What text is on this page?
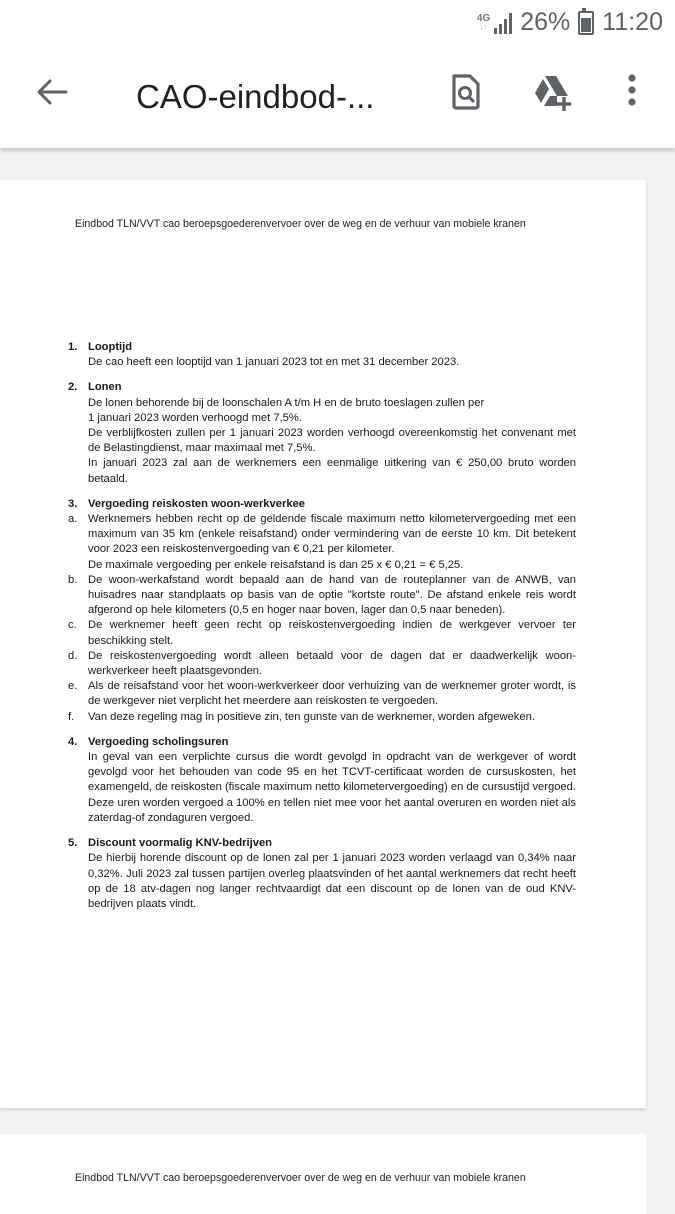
4G
↓↑ 26% 11:20
CAO-eindbod-...
Eindbod TLN/VVT cao beroepsgoederenvervoer over de weg en de verhuur van mobiele kranen
1. Looptijd
De cao heeft een looptijd van 1 januari 2023 tot en met 31 december 2023.
2. Lonen
De lonen behorende bij de loonschalen A t/m H en de bruto toeslagen zullen per
1 januari 2023 worden verhoogd met 7,5%.
De verblijfkosten zullen per 1 januari 2023 worden verhoogd overeenkomstig het convenant met de Belastingdienst, maar maximaal met 7,5%.
In januari 2023 zal aan de werknemers een eenmalige uitkering van € 250,00 bruto worden betaald.
3. Vergoeding reiskosten woon-werkverkee
a. Werknemers hebben recht op de geldende fiscale maximum netto kilometervergoeding met een maximum van 35 km (enkele reisafstand) onder vermindering van de eerste 10 km. Dit betekent voor 2023 een reiskostenvergoeding van € 0,21 per kilometer.
De maximale vergoeding per enkele reisafstand is dan 25 x € 0,21 = € 5,25.
b. De woon-werkafstand wordt bepaald aan de hand van de routeplanner van de ANWB, van huisadres naar standplaats op basis van de optie "kortste route". De afstand enkele reis wordt afgerond op hele kilometers (0,5 en hoger naar boven, lager dan 0,5 naar beneden).
c.	De werknemer heeft geen recht op reiskostenvergoeding indien de werkgever vervoer ter beschikking stelt.
d. De reiskostenvergoeding wordt alleen betaald voor de dagen dat er daadwerkelijk woon-werkverkeer heeft plaatsgevonden.
e. Als de reisafstand voor het woon-werkverkeer door verhuizing van de werknemer groter wordt, is de werkgever niet verplicht het meerdere aan reiskosten te vergoeden.
f.	Van deze regeling mag in positieve zin, ten gunste van de werknemer, worden afgeweken.
4. Vergoeding scholingsuren
In geval van een verplichte cursus die wordt gevolgd in opdracht van de werkgever of wordt gevolgd voor het behouden van code 95 en het TCVT-certificaat worden de cursuskosten, het examengeld, de reiskosten (fiscale maximum netto kilometervergoeding) en de cursustijd vergoed. Deze uren worden vergoed a 100% en tellen niet mee voor het aantal overuren en worden niet als zaterdag-of zondaguren vergoed.
5. Discount voormalig KNV-bedrijven
De hierbij horende discount op de lonen zal per 1 januari 2023 worden verlaagd van 0,34% naar 0,32%. Juli 2023 zal tussen partijen overleg plaatsvinden of het aantal werknemers dat recht heeft op de 18 atv-dagen nog langer rechtvaardigt dat een discount op de lonen van de oud KNV-bedrijven plaats vindt.
Eindbod TLN/VVT cao beroepsgoederenvervoer over de weg en de verhuur van mobiele kranen
